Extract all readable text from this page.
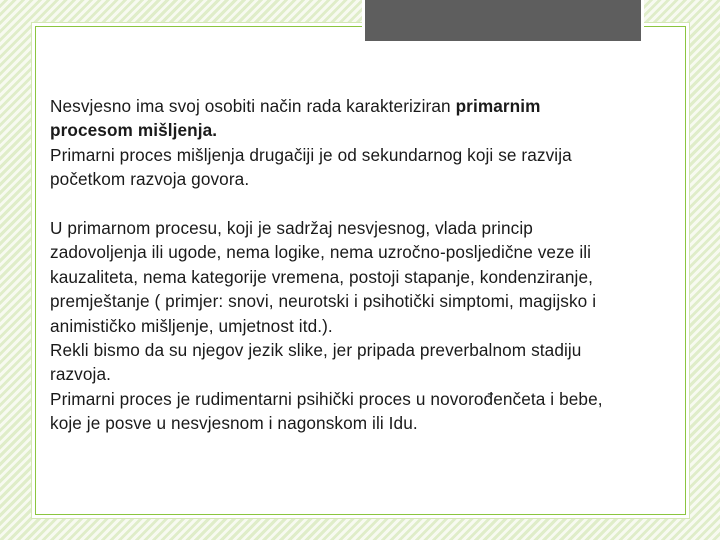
Nesvjesno ima svoj osobiti način rada karakteriziran primarnim

procesom mišljenja.

Primarni proces mišljenja drugačiji je od sekundarnog koji se razvija

početkom razvoja govora.

U primarnom procesu, koji je sadržaj nesvjesnog, vlada princip

zadovoljenja ili ugode, nema logike, nema uzročno-posljedične veze ili

kauzaliteta, nema kategorije vremena, postoji stapanje, kondenziranje,

premještanje ( primjer: snovi, neurotski i psihotički simptomi, magijsko i

animističko mišljenje, umjetnost itd.).

Rekli bismo da su njegov jezik slike, jer pripada preverbalnom stadiju

razvoja.

Primarni proces je rudimentarni psihički proces u novorođenčeta i bebe,

koje je posve u nesvjesnom i nagonskom ili Idu.
